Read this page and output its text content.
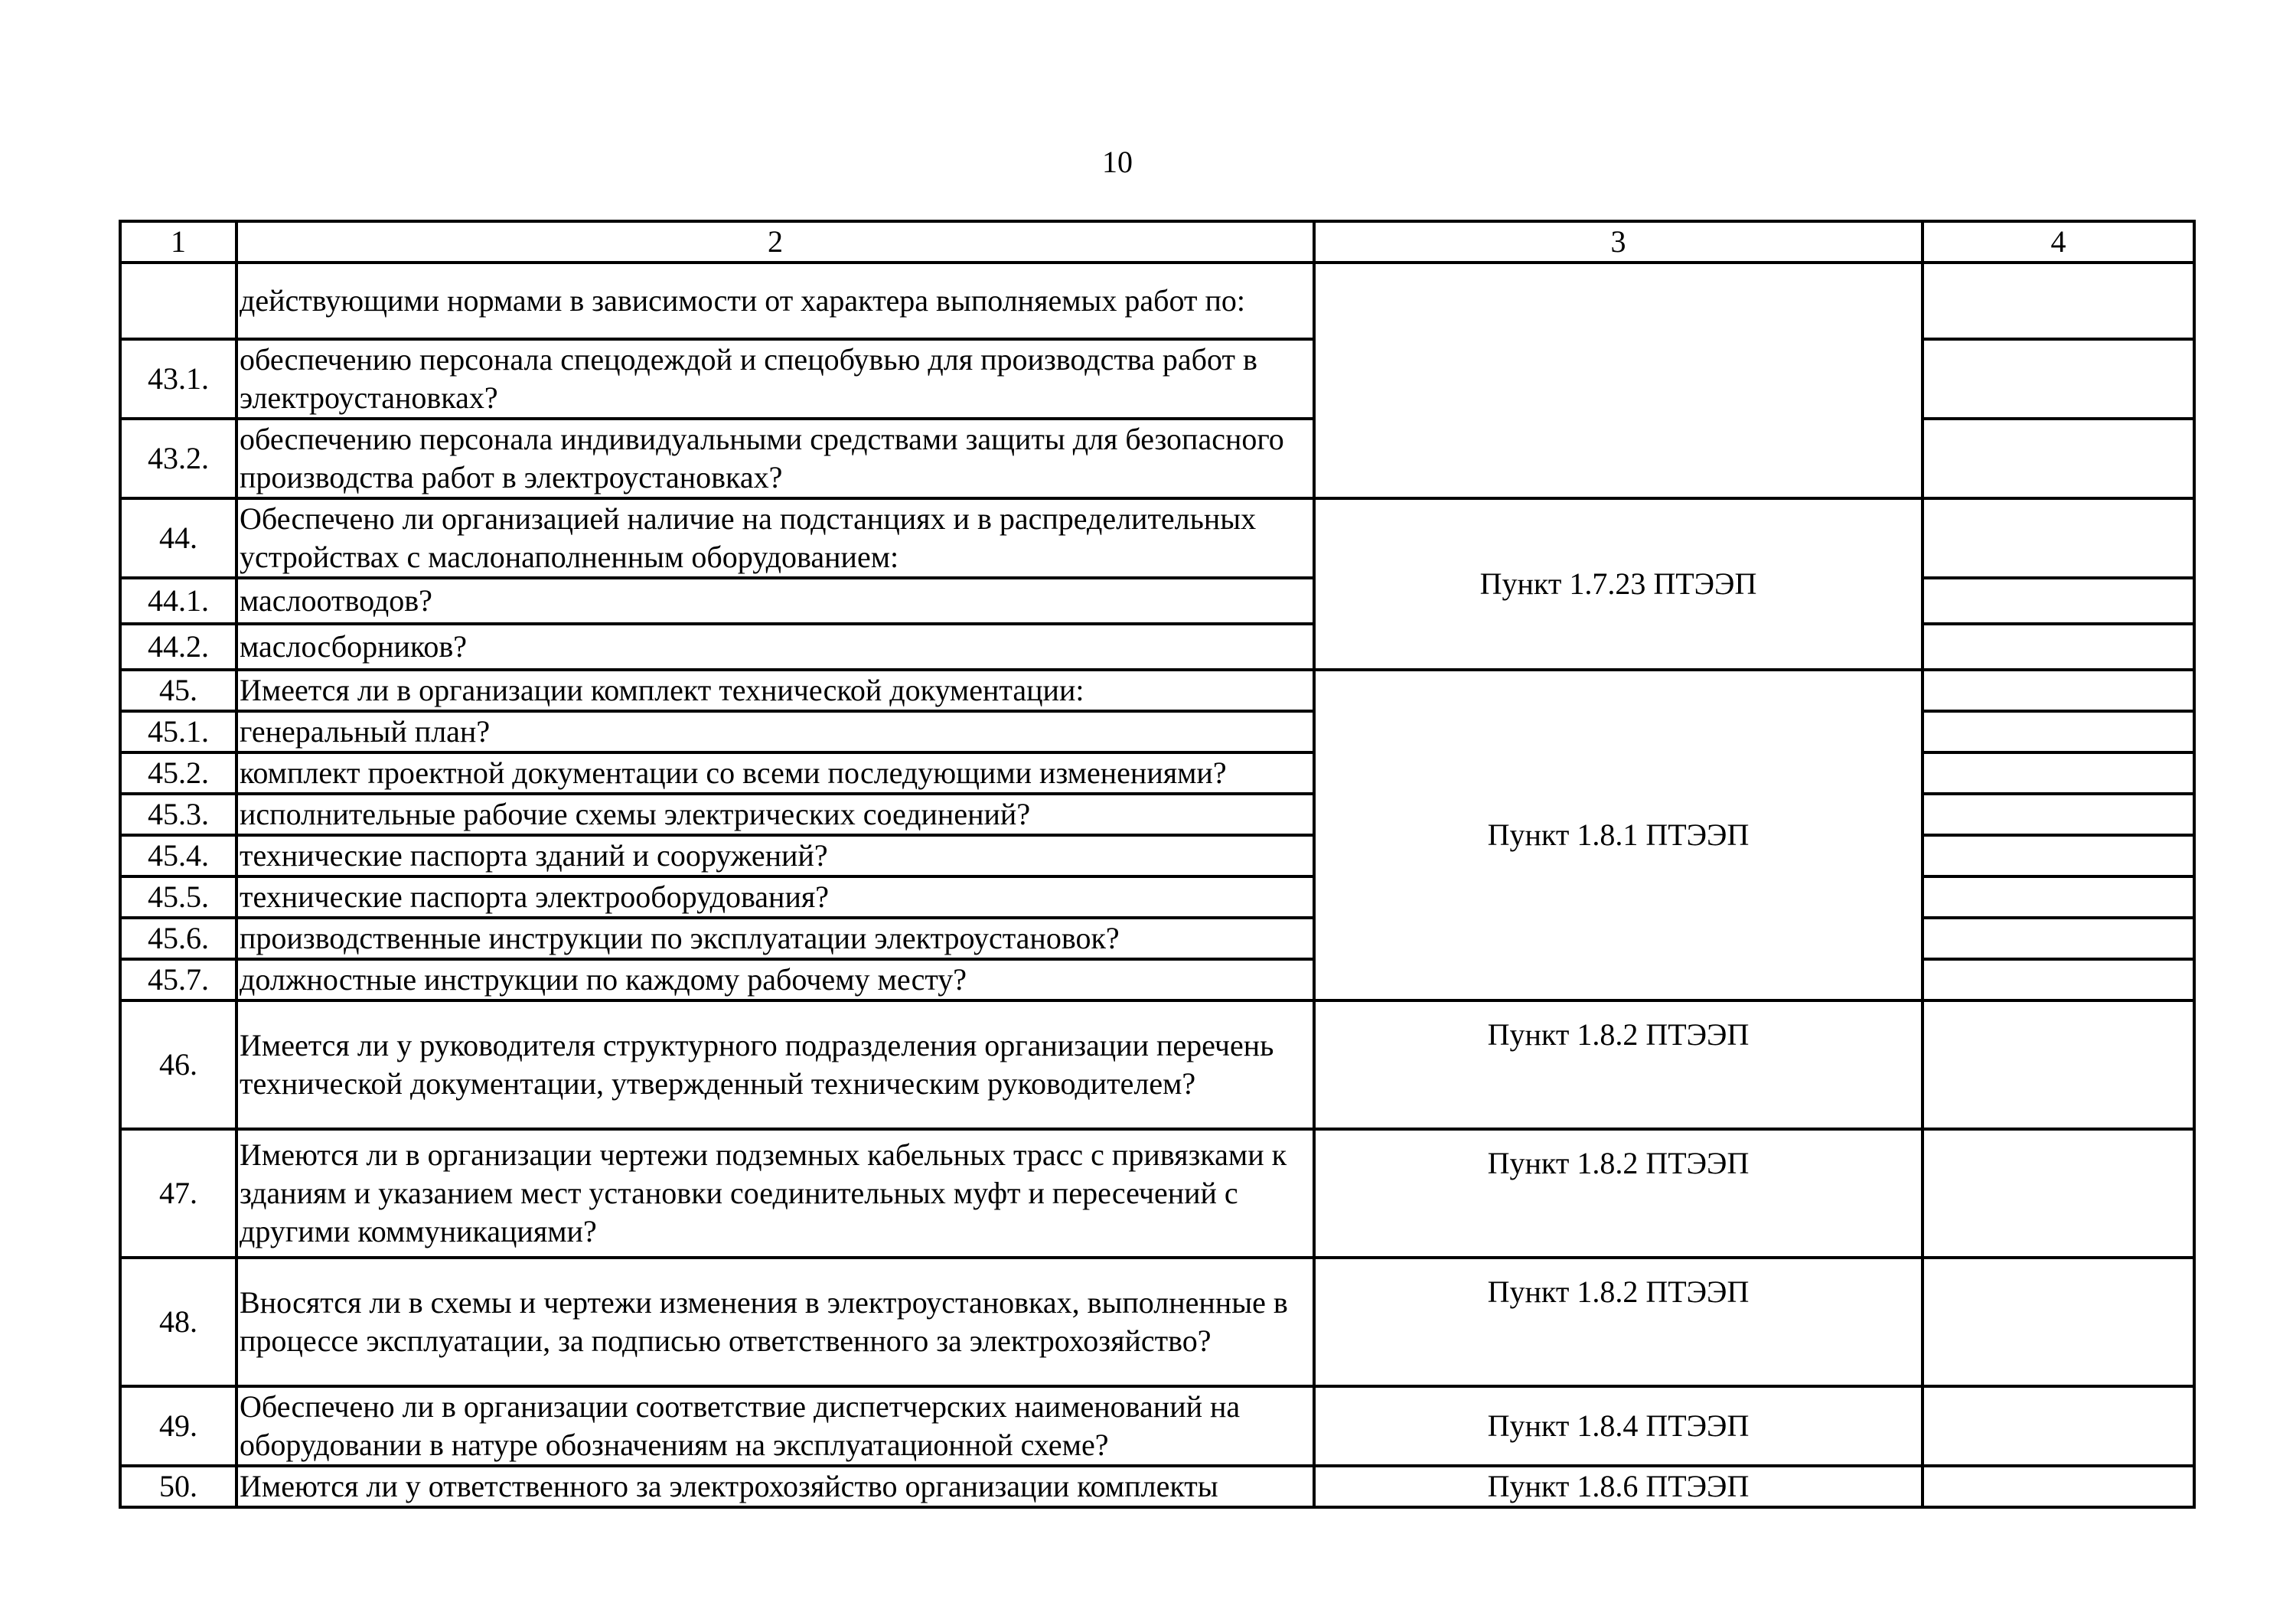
10
1	2	3	4
	действующими нормами в зависимости от характера выполняемых работ по:		
43.1.	обеспечению персонала спецодеждой и спецобувью для производства работ в электроустановках?		
43.2.	обеспечению персонала индивидуальными средствами защиты для безопасного производства работ в электроустановках?		
44.	Обеспечено ли организацией наличие на подстанциях и в распределительных устройствах с маслонаполненным оборудованием:	Пункт 1.7.23 ПТЭЭП	
44.1.	маслоотводов?		
44.2.	маслосборников?		
45.	Имеется ли в организации комплект технической документации:	Пункт 1.8.1 ПТЭЭП	
45.1.	генеральный план?		
45.2.	комплект проектной документации со всеми последующими изменениями?		
45.3.	исполнительные рабочие схемы электрических соединений?		
45.4.	технические паспорта зданий и сооружений?		
45.5.	технические паспорта электрооборудования?		
45.6.	производственные инструкции по эксплуатации электроустановок?		
45.7.	должностные инструкции по каждому рабочему месту?		
46.	Имеется ли у руководителя структурного подразделения организации перечень технической документации, утвержденный техническим руководителем?	Пункт 1.8.2 ПТЭЭП	
47.	Имеются ли в организации чертежи подземных кабельных трасс с привязками к зданиям и указанием мест установки соединительных муфт и пересечений с другими коммуникациями?	Пункт 1.8.2 ПТЭЭП	
48.	Вносятся ли в схемы и чертежи изменения в электроустановках, выполненные в процессе эксплуатации, за подписью ответственного за электрохозяйство?	Пункт 1.8.2 ПТЭЭП	
49.	Обеспечено ли в организации соответствие диспетчерских наименований на оборудовании в натуре обозначениям на эксплуатационной схеме?	Пункт 1.8.4 ПТЭЭП	
50.	Имеются ли у ответственного за электрохозяйство организации комплекты	Пункт 1.8.6 ПТЭЭП	
